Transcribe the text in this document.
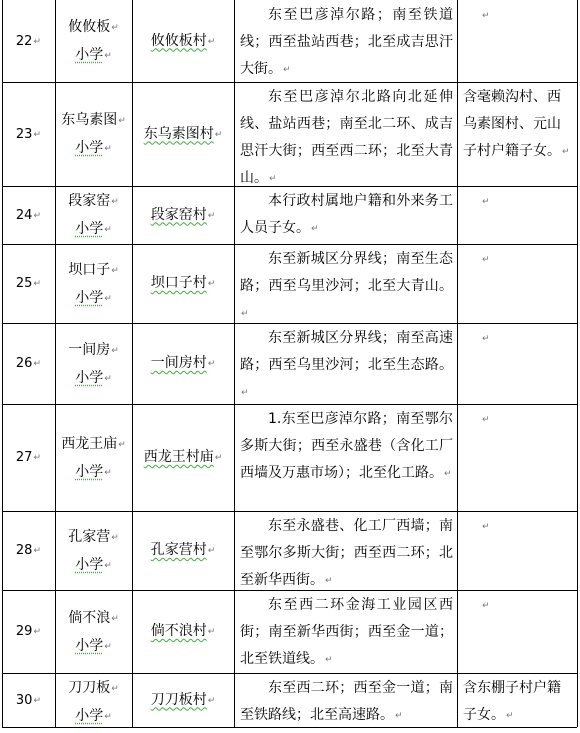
22↵
攸攸板↵
小学↵
攸攸板村↵
东至巴彦淖尔路；南至铁道线；西至盐站西巷；北至成吉思汗大街。↵
↵
23↵
东乌素图↵
小学↵
东乌素图村↵
东至巴彦淖尔北路向北延伸线、盐站西巷；南至北二环、成吉思汗大街；西至西二环；北至大青山。↵
含毫赖沟村、西乌素图村、元山子村户籍子女。↵
24↵
段家窑↵
小学↵
段家窑村↵
本行政村属地户籍和外来务工人员子女。↵
↵
25↵
坝口子↵
小学↵
坝口子村↵
东至新城区分界线；南至生态路；西至乌里沙河；北至大青山。↵
↵
26↵
一间房↵
小学↵
一间房村↵
东至新城区分界线；南至高速路；西至乌里沙河；北至生态路。↵
↵
27↵
西龙王庙↵
小学↵
西龙王村庙↵
1.东至巴彦淖尔路；南至鄂尔多斯大街；西至永盛巷（含化工厂西墙及万惠市场）；北至化工路。↵
↵
28↵
孔家营↵
小学↵
孔家营村↵
东至永盛巷、化工厂西墙；南至鄂尔多斯大街；西至西二环；北至新华西街。↵
↵
29↵
倘不浪↵
小学↵
倘不浪村↵
东至西二环金海工业园区西街；南至新华西街；西至金一道；北至铁道线。↵
↵
30↵
刀刀板↵
小学↵
刀刀板村↵
东至西二环；西至金一道；南至铁路线；北至高速路。↵
含东棚子村户籍子女。↵
